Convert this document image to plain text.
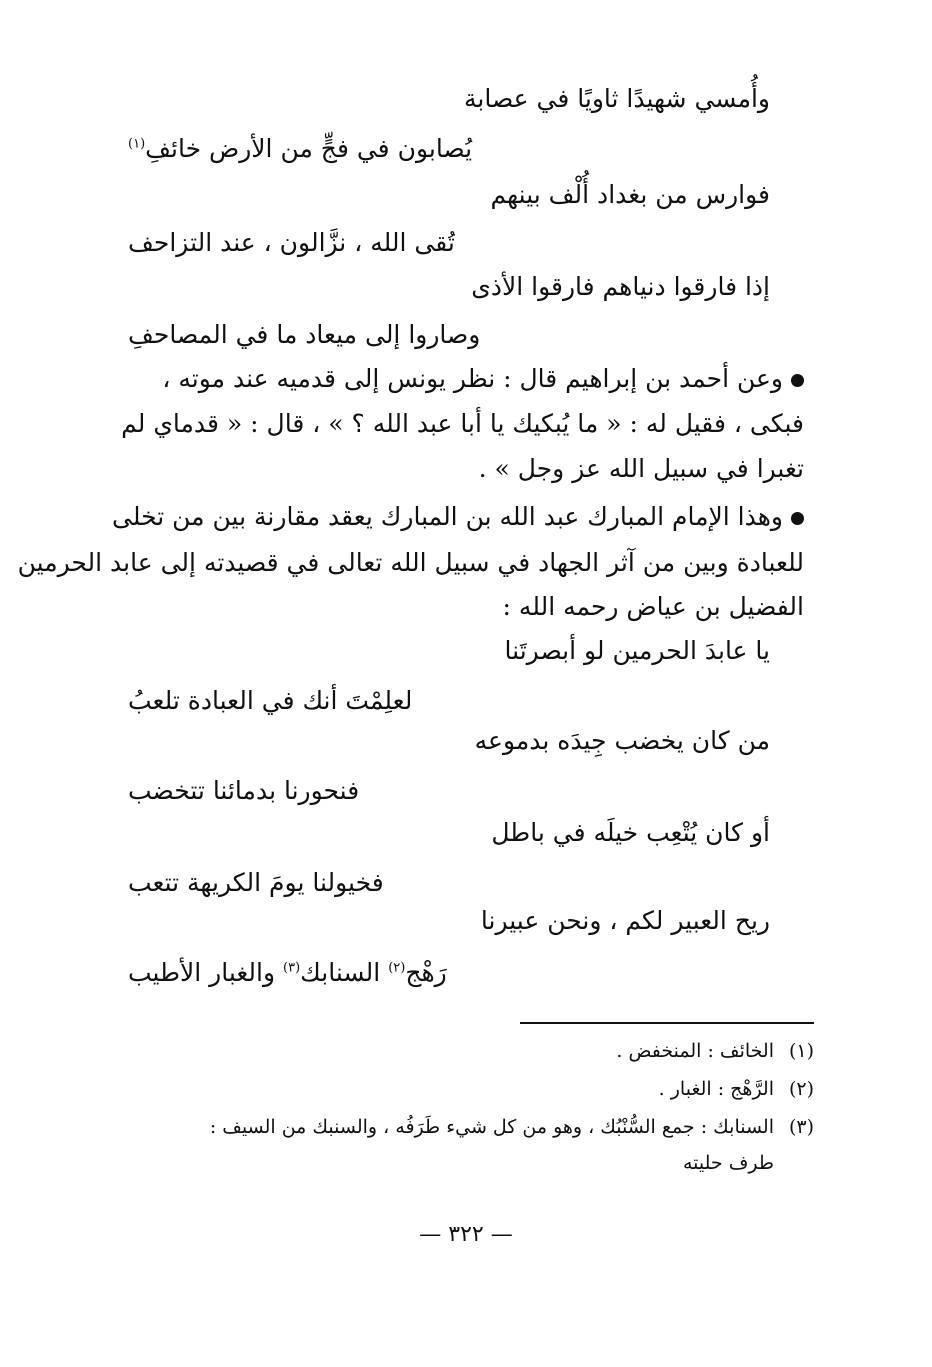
وأُمسي شهيدًا ثاويًا في عصابة
يُصابون في فجٍّ من الأرض خائفِ$^{(١)}$
فوارس من بغداد أُلْف بينهم
تُقى الله ، نزَّالون ، عند التزاحف
إذا فارقوا دنياهم فارقوا الأذى
وصاروا إلى ميعاد ما في المصاحفِ
وعن أحمد بن إبراهيم قال : نظر يونس إلى قدميه عند موته ،
فبكى ، فقيل له : « ما يُبكيك يا أبا عبد الله ؟ » ، قال : « قدماي لم
تغبرا في سبيل الله عز وجل » .
وهذا الإمام المبارك عبد الله بن المبارك يعقد مقارنة بين من تخلى
للعبادة وبين من آثر الجهاد في سبيل الله تعالى في قصيدته إلى عابد الحرمين
الفضيل بن عياض رحمه الله :
يا عابدَ الحرمين لو أبصرتَنا
لعلِمْتَ أنك في العبادة تلعبُ
من كان يخضب جِيدَه بدموعه
فنحورنا بدمائنا تتخضب
أو كان يُتْعِب خيلَه في باطل
فخيولنا يومَ الكريهة تتعب
ريح العبير لكم ، ونحن عبيرنا
رَهْج$^{(٢)}$ السنابك$^{(٣)}$ والغبار الأطيب
(١)الخائف : المنخفض .
(٢)الرَّهْج : الغبار .
(٣)السنابك : جمع السُّنْبُك ، وهو من كل شيء طَرَفُه ، والسنبك من السيف :
طرف حليته
— ٣٢٢ —
